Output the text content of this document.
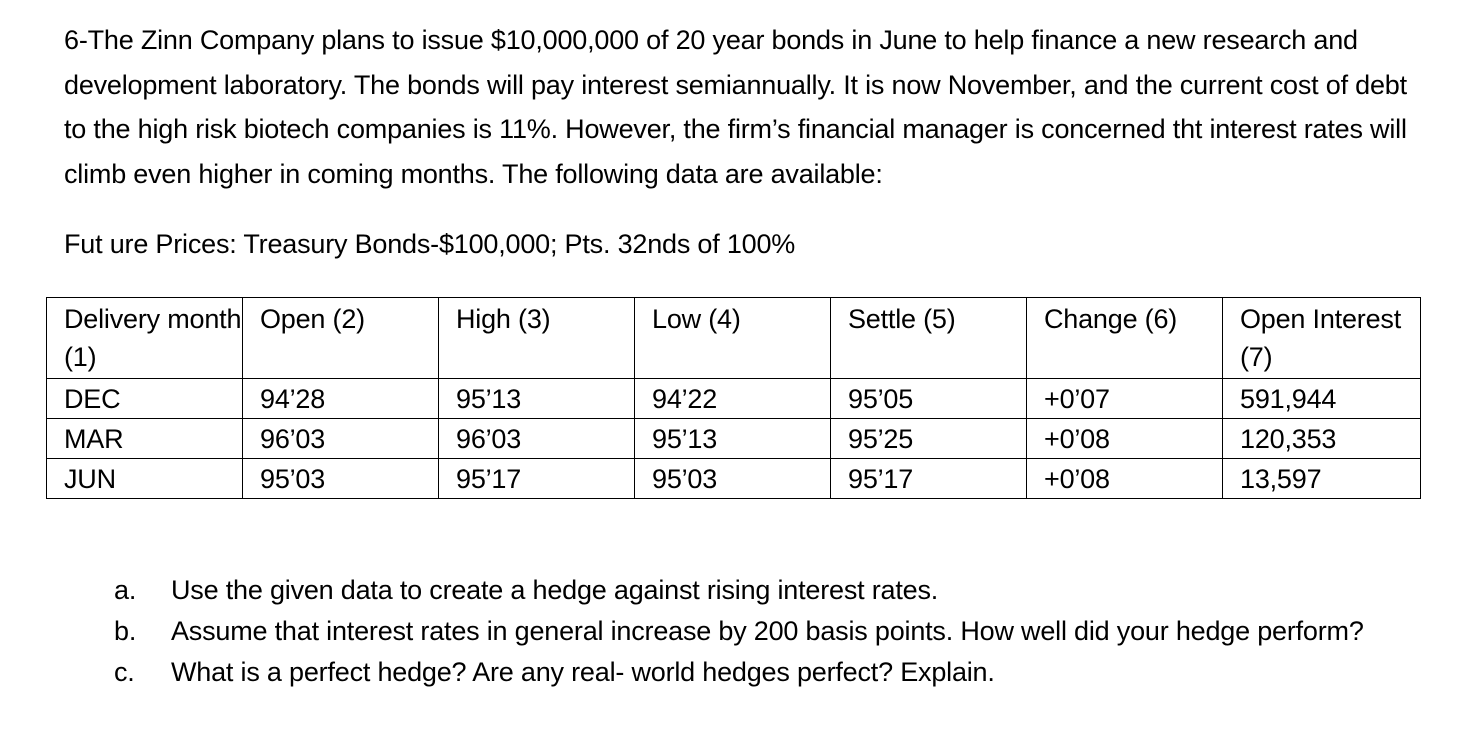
6-The Zinn Company plans to issue $10,000,000 of 20 year bonds in June to help finance a new research and development laboratory. The bonds will pay interest semiannually. It is now November, and the current cost of debt to the high risk biotech companies is 11%. However, the firm’s financial manager is concerned tht interest rates will climb even higher in coming months. The following data are available:

Fut ure Prices: Treasury Bonds-$100,000; Pts. 32nds of 100%

Delivery month (1)	Open (2)	High (3)	Low (4)	Settle (5)	Change (6)	Open Interest (7)
DEC	94’28	95’13	94’22	95’05	+0’07	591,944
MAR	96’03	96’03	95’13	95’25	+0’08	120,353
JUN	95’03	95’17	95’03	95’17	+0’08	13,597
a.	Use the given data to create a hedge against rising interest rates.
b.	Assume that interest rates in general increase by 200 basis points. How well did your hedge perform?
c.	What is a perfect hedge? Are any real- world hedges perfect? Explain.
